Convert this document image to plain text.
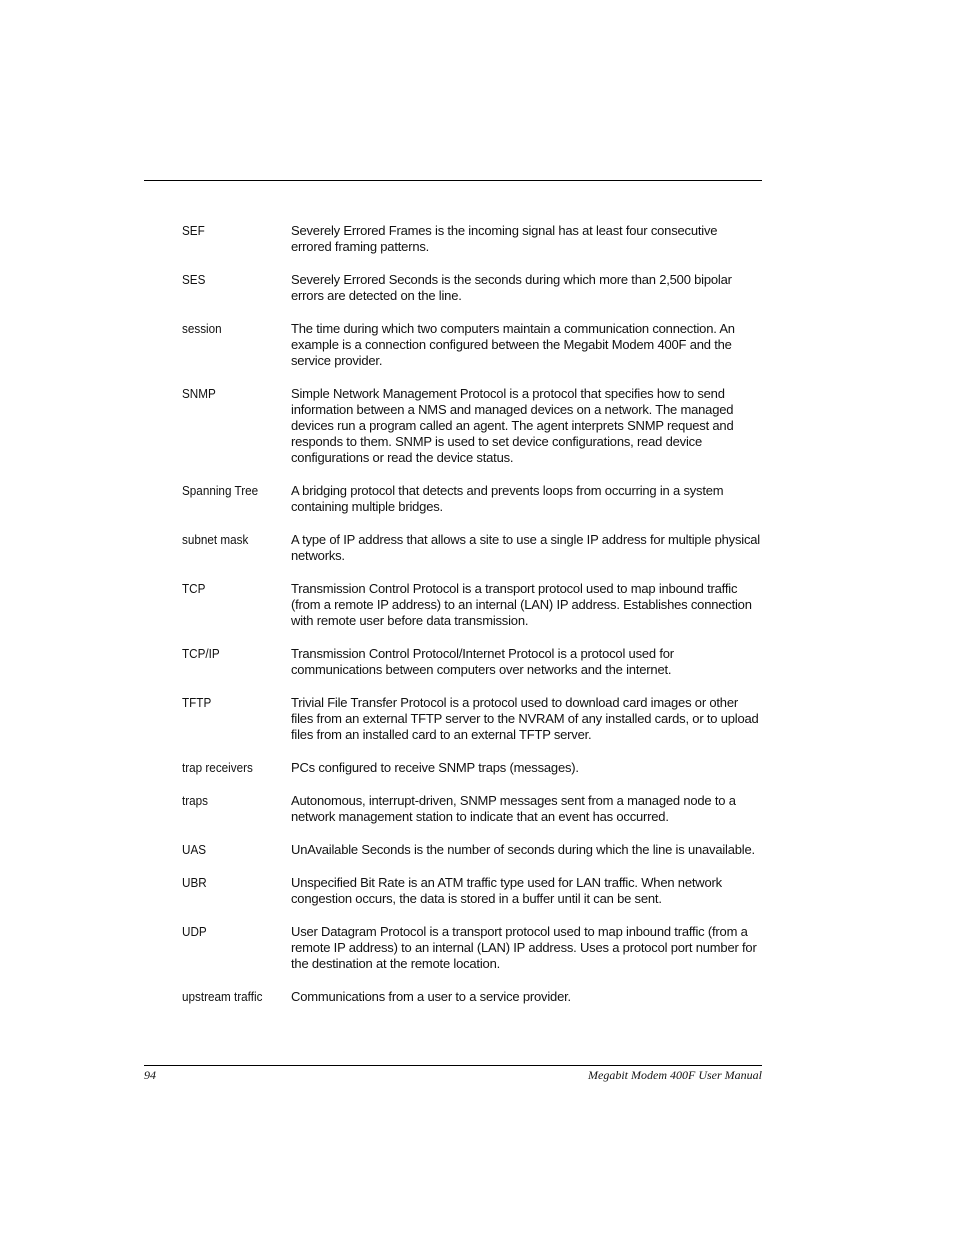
SEF	Severely Errored Frames is the incoming signal has at least four consecutive errored framing patterns.
SES	Severely Errored Seconds is the seconds during which more than 2,500 bipolar errors are detected on the line.
session	The time during which two computers maintain a communication connection. An example is a connection configured between the Megabit Modem 400F and the service provider.
SNMP	Simple Network Management Protocol is a protocol that specifies how to send information between a NMS and managed devices on a network. The managed devices run a program called an agent. The agent interprets SNMP request and responds to them. SNMP is used to set device configurations, read device configurations or read the device status.
Spanning Tree	A bridging protocol that detects and prevents loops from occurring in a system containing multiple bridges.
subnet mask	A type of IP address that allows a site to use a single IP address for multiple physical networks.
TCP	Transmission Control Protocol is a transport protocol used to map inbound traffic (from a remote IP address) to an internal (LAN) IP address. Establishes connection with remote user before data transmission.
TCP/IP	Transmission Control Protocol/Internet Protocol is a protocol used for communications between computers over networks and the internet.
TFTP	Trivial File Transfer Protocol is a protocol used to download card images or other files from an external TFTP server to the NVRAM of any installed cards, or to upload files from an installed card to an external TFTP server.
trap receivers	PCs configured to receive SNMP traps (messages).
traps	Autonomous, interrupt-driven, SNMP messages sent from a managed node to a network management station to indicate that an event has occurred.
UAS	UnAvailable Seconds is the number of seconds during which the line is unavailable.
UBR	Unspecified Bit Rate is an ATM traffic type used for LAN traffic. When network congestion occurs, the data is stored in a buffer until it can be sent.
UDP	User Datagram Protocol is a transport protocol used to map inbound traffic (from a remote IP address) to an internal (LAN) IP address. Uses a protocol port number for the destination at the remote location.
upstream traffic	Communications from a user to a service provider.
94	Megabit Modem 400F User Manual
